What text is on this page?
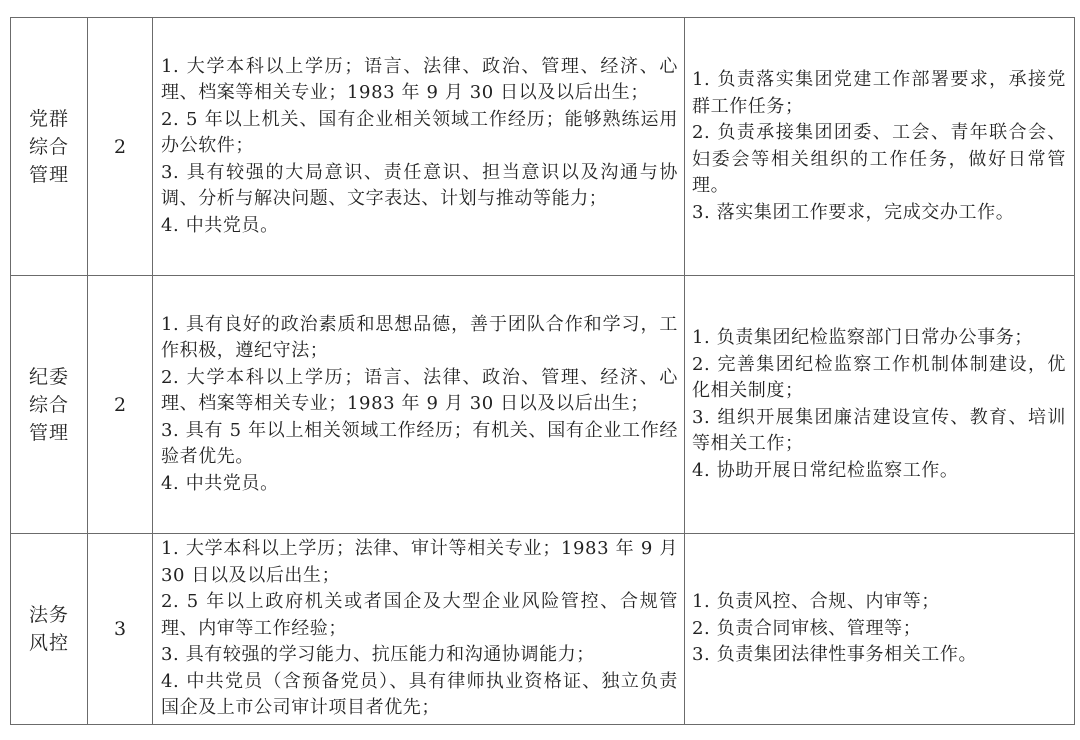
党群综合管理	2	1. 大学本科以上学历；语言、法律、政治、管理、经济、心理、档案等相关专业；1983 年 9 月 30 日以及以后出生；
2. 5 年以上机关、国有企业相关领域工作经历；能够熟练运用办公软件；
3. 具有较强的大局意识、责任意识、担当意识以及沟通与协调、分析与解决问题、文字表达、计划与推动等能力；
4. 中共党员。	1. 负责落实集团党建工作部署要求，承接党群工作任务；
2. 负责承接集团团委、工会、青年联合会、妇委会等相关组织的工作任务，做好日常管理。
3. 落实集团工作要求，完成交办工作。

纪委综合管理	2	1. 具有良好的政治素质和思想品德，善于团队合作和学习，工作积极，遵纪守法；
2. 大学本科以上学历；语言、法律、政治、管理、经济、心理、档案等相关专业；1983 年 9 月 30 日以及以后出生；
3. 具有 5 年以上相关领域工作经历；有机关、国有企业工作经验者优先。
4. 中共党员。	1. 负责集团纪检监察部门日常办公事务；
2. 完善集团纪检监察工作机制体制建设，优化相关制度；
3. 组织开展集团廉洁建设宣传、教育、培训等相关工作；
4. 协助开展日常纪检监察工作。

法务风控	3	1. 大学本科以上学历；法律、审计等相关专业；1983 年 9 月 30 日以及以后出生；
2. 5 年以上政府机关或者国企及大型企业风险管控、合规管理、内审等工作经验；
3. 具有较强的学习能力、抗压能力和沟通协调能力；
4. 中共党员（含预备党员）、具有律师执业资格证、独立负责国企及上市公司审计项目者优先；	1. 负责风控、合规、内审等；
2. 负责合同审核、管理等；
3. 负责集团法律性事务相关工作。
